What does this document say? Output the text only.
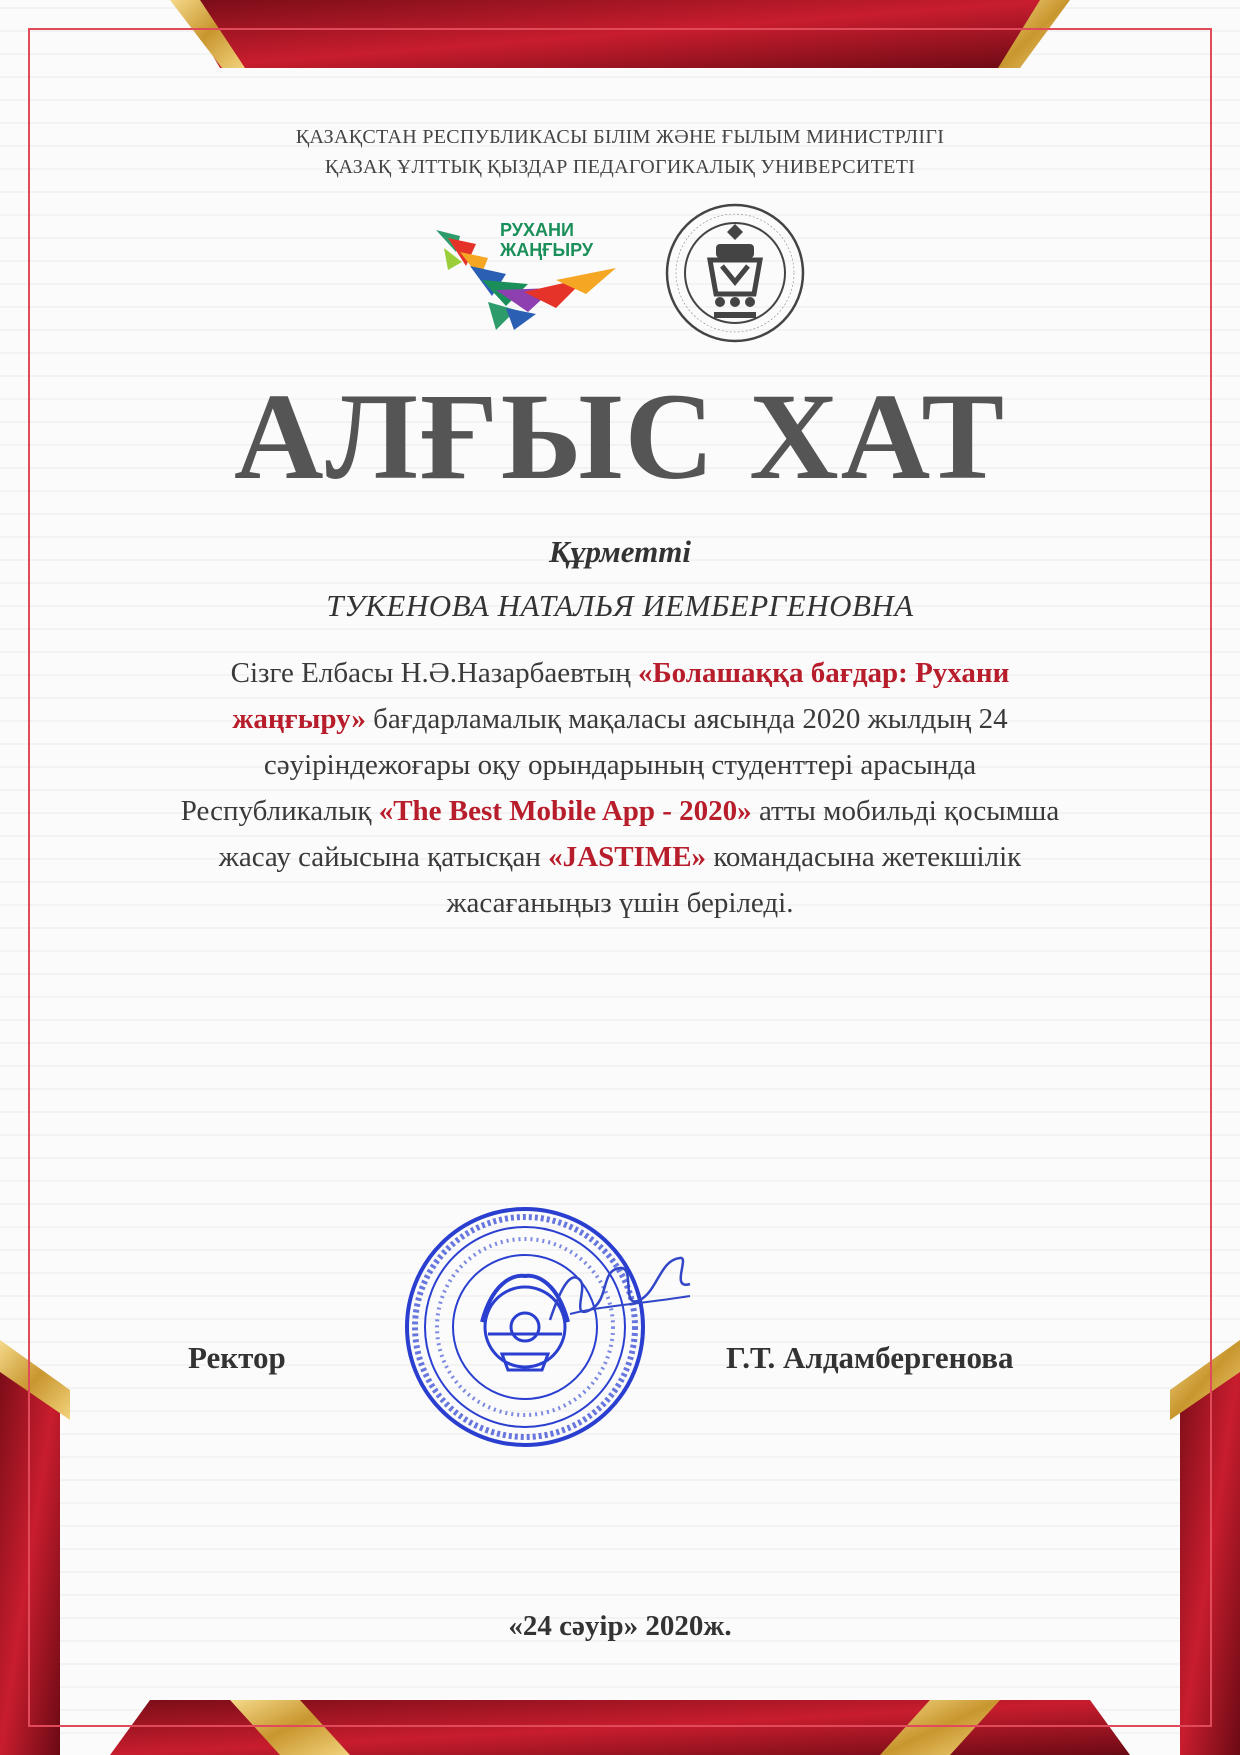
ҚАЗАҚСТАН РЕСПУБЛИКАСЫ БІЛІМ ЖӘНЕ ҒЫЛЫМ МИНИСТРЛІГІ
ҚАЗАҚ ҰЛТТЫҚ ҚЫЗДАР ПЕДАГОГИКАЛЫҚ УНИВЕРСИТЕТІ
РУХАНИ
ЖАҢҒЫРУ
АЛҒЫС ХАТ
Құрметті
ТУКЕНОВА НАТАЛЬЯ ИЕМБЕРГЕНОВНА
Сізге Елбасы Н.Ә.Назарбаевтың «Болашаққа бағдар: Рухани жаңғыру» бағдарламалық мақаласы аясында 2020 жылдың 24 сәуіріндежоғары оқу орындарының студенттері арасында Республикалық «The Best Mobile App - 2020» атты мобильді қосымша жасау сайысына қатысқан «JASTIME» командасына жетекшілік жасағаныңыз үшін беріледі.
Ректор	Г.Т. Алдамбергенова
«24 сәуір» 2020ж.
